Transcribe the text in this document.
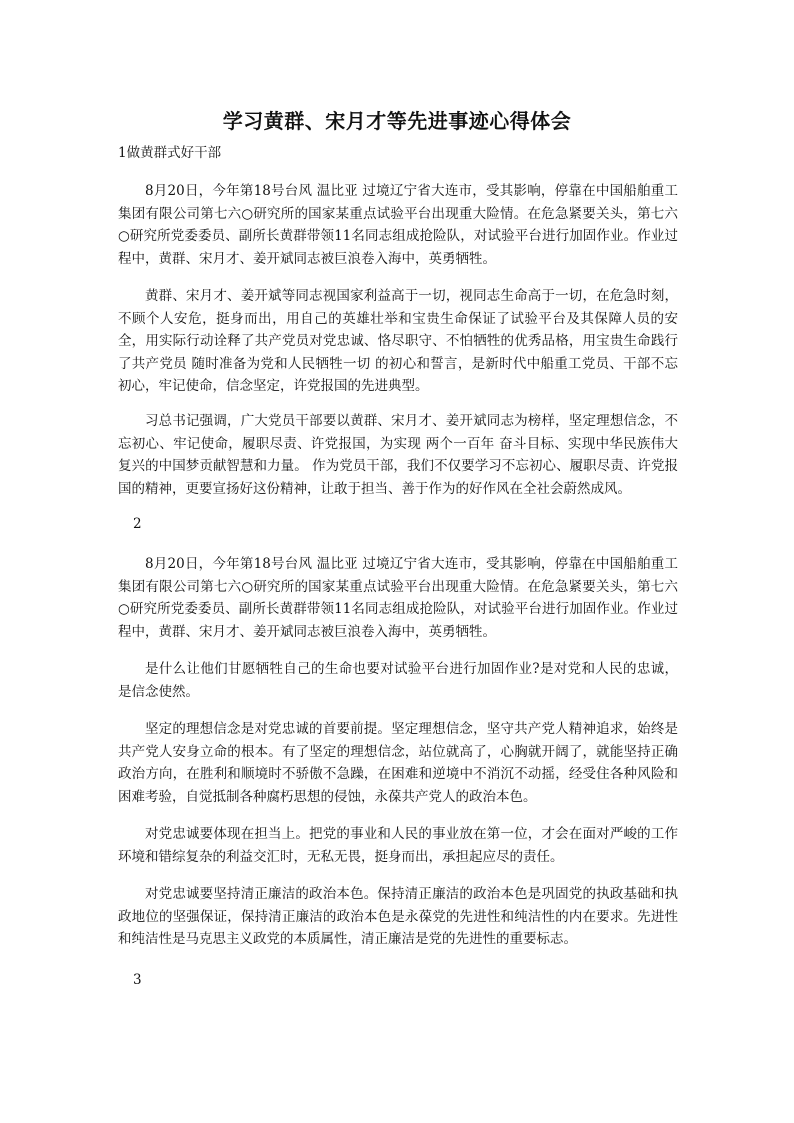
学习黄群、宋月才等先进事迹心得体会
1做黄群式好干部

8月20日，今年第18号台风 温比亚 过境辽宁省大连市，受其影响，停靠在中国船舶重工集团有限公司第七六○研究所的国家某重点试验平台出现重大险情。在危急紧要关头，第七六○研究所党委委员、副所长黄群带领11名同志组成抢险队，对试验平台进行加固作业。作业过程中，黄群、宋月才、姜开斌同志被巨浪卷入海中，英勇牺牲。

黄群、宋月才、姜开斌等同志视国家利益高于一切，视同志生命高于一切，在危急时刻，不顾个人安危，挺身而出，用自己的英雄壮举和宝贵生命保证了试验平台及其保障人员的安全，用实际行动诠释了共产党员对党忠诚、恪尽职守、不怕牺牲的优秀品格，用宝贵生命践行了共产党员 随时准备为党和人民牺牲一切 的初心和誓言，是新时代中船重工党员、干部不忘初心，牢记使命，信念坚定，许党报国的先进典型。

习总书记强调，广大党员干部要以黄群、宋月才、姜开斌同志为榜样，坚定理想信念，不忘初心、牢记使命，履职尽责、许党报国，为实现 两个一百年 奋斗目标、实现中华民族伟大复兴的中国梦贡献智慧和力量。 作为党员干部，我们不仅要学习不忘初心、履职尽责、许党报国的精神，更要宣扬好这份精神，让敢于担当、善于作为的好作风在全社会蔚然成风。

2

8月20日，今年第18号台风 温比亚 过境辽宁省大连市，受其影响，停靠在中国船舶重工集团有限公司第七六○研究所的国家某重点试验平台出现重大险情。在危急紧要关头，第七六○研究所党委委员、副所长黄群带领11名同志组成抢险队，对试验平台进行加固作业。作业过程中，黄群、宋月才、姜开斌同志被巨浪卷入海中，英勇牺牲。

是什么让他们甘愿牺牲自己的生命也要对试验平台进行加固作业?是对党和人民的忠诚，是信念使然。

坚定的理想信念是对党忠诚的首要前提。坚定理想信念，坚守共产党人精神追求，始终是共产党人安身立命的根本。有了坚定的理想信念，站位就高了，心胸就开阔了，就能坚持正确政治方向，在胜利和顺境时不骄傲不急躁，在困难和逆境中不消沉不动摇，经受住各种风险和困难考验，自觉抵制各种腐朽思想的侵蚀，永葆共产党人的政治本色。

对党忠诚要体现在担当上。把党的事业和人民的事业放在第一位，才会在面对严峻的工作环境和错综复杂的利益交汇时，无私无畏，挺身而出，承担起应尽的责任。

对党忠诚要坚持清正廉洁的政治本色。保持清正廉洁的政治本色是巩固党的执政基础和执政地位的坚强保证，保持清正廉洁的政治本色是永葆党的先进性和纯洁性的内在要求。先进性和纯洁性是马克思主义政党的本质属性，清正廉洁是党的先进性的重要标志。

3
